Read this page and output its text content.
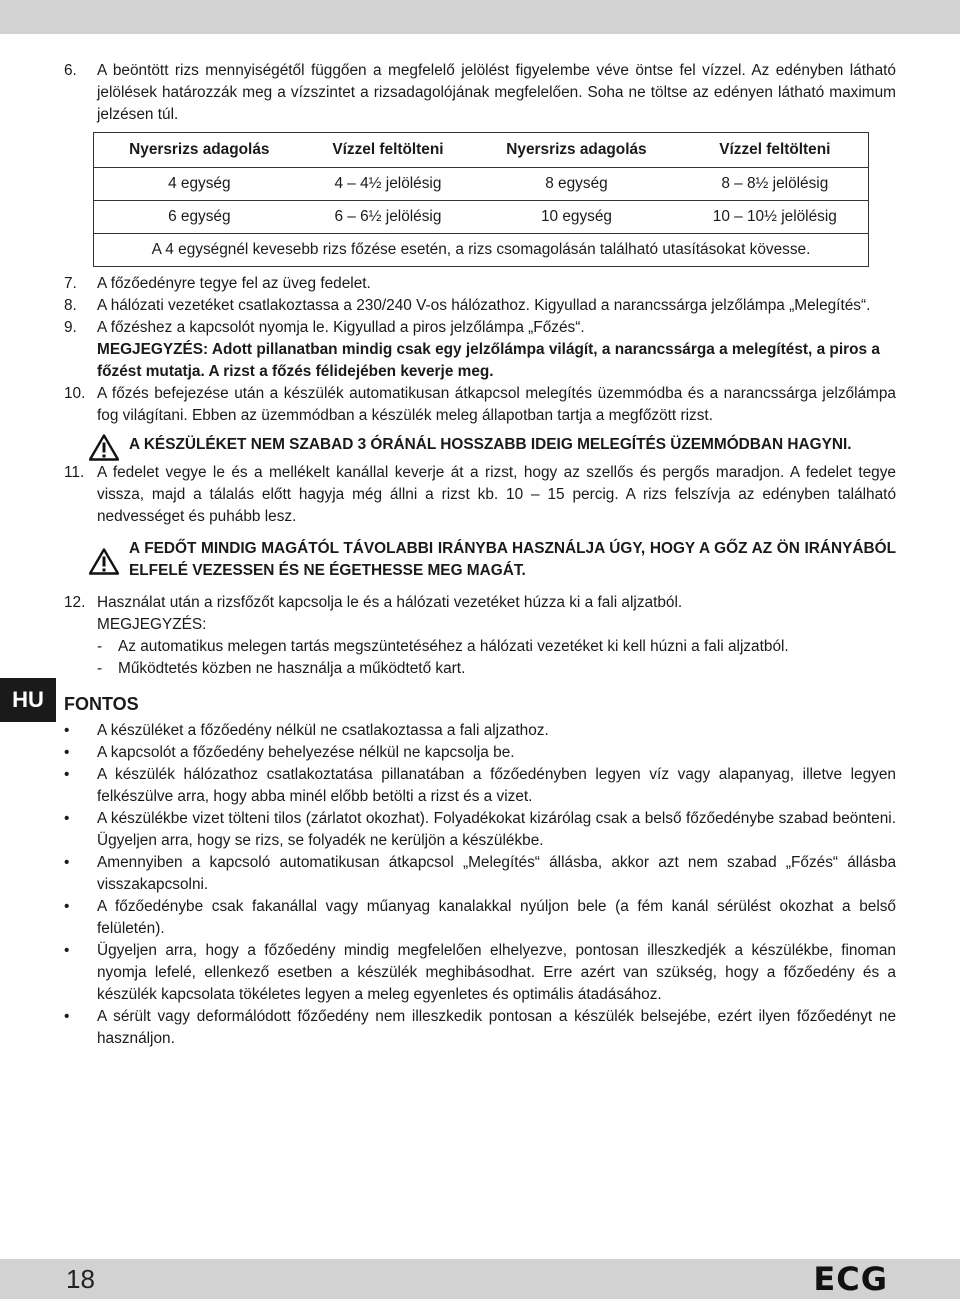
HU

6. A beöntött rizs mennyiségétől függően a megfelelő jelölést figyelembe véve öntse fel vízzel. Az edényben látható jelölések határozzák meg a vízszintet a rizsadagolójának megfelelően. Soha ne töltse az edényen látható maximum jelzésen túl.

Nyersrizs adagolás	Vízzel feltölteni	Nyersrizs adagolás	Vízzel feltölteni
4 egység	4 – 4½ jelölésig	8 egység	8 – 8½ jelölésig
6 egység	6 – 6½ jelölésig	10 egység	10 – 10½ jelölésig
A 4 egységnél kevesebb rizs főzése esetén, a rizs csomagolásán található utasításokat kövesse.			

7. A főzőedényre tegye fel az üveg fedelet.

8. A hálózati vezetéket csatlakoztassa a 230/240 V-os hálózathoz. Kigyullad a narancssárga jelzőlámpa „Melegítés“.

9. A főzéshez a kapcsolót nyomja le. Kigyullad a piros jelzőlámpa „Főzés“.
MEGJEGYZÉS: Adott pillanatban mindig csak egy jelzőlámpa világít, a narancssárga a melegítést, a piros a főzést mutatja. A rizst a főzés félidejében keverje meg.

10. A főzés befejezése után a készülék automatikusan átkapcsol melegítés üzemmódba és a narancssárga jelzőlámpa fog világítani. Ebben az üzemmódban a készülék meleg állapotban tartja a megfőzött rizst.

A KÉSZÜLÉKET NEM SZABAD 3 ÓRÁNÁL HOSSZABB IDEIG MELEGÍTÉS ÜZEMMÓDBAN HAGYNI.

11. A fedelet vegye le és a mellékelt kanállal keverje át a rizst, hogy az szellős és pergős maradjon. A fedelet tegye vissza, majd a tálalás előtt hagyja még állni a rizst kb. 10 – 15 percig. A rizs felszívja az edényben található nedvességet és puhább lesz.

A FEDŐT MINDIG MAGÁTÓL TÁVOLABBI IRÁNYBA HASZNÁLJA ÚGY, HOGY A GŐZ AZ ÖN IRÁNYÁBÓL ELFELÉ VEZESSEN ÉS NE ÉGETHESSE MEG MAGÁT.

12. Használat után a rizsfőzőt kapcsolja le és a hálózati vezetéket húzza ki a fali aljzatból.
MEGJEGYZÉS:

- Az automatikus melegen tartás megszüntetéséhez a hálózati vezetéket ki kell húzni a fali aljzatból.
- Működtetés közben ne használja a működtető kart.
FONTOS

• A készüléket a főzőedény nélkül ne csatlakoztassa a fali aljzathoz.

• A kapcsolót a főzőedény behelyezése nélkül ne kapcsolja be.

• A készülék hálózathoz csatlakoztatása pillanatában a főzőedényben legyen víz vagy alapanyag, illetve legyen felkészülve arra, hogy abba minél előbb betölti a rizst és a vizet.

• A készülékbe vizet tölteni tilos (zárlatot okozhat). Folyadékokat kizárólag csak a belső főzőedénybe szabad beönteni. Ügyeljen arra, hogy se rizs, se folyadék ne kerüljön a készülékbe.

• Amennyiben a kapcsoló automatikusan átkapcsol „Melegítés“ állásba, akkor azt nem szabad „Főzés“ állásba visszakapcsolni.

• A főzőedénybe csak fakanállal vagy műanyag kanalakkal nyúljon bele (a fém kanál sérülést okozhat a belső felületén).

• Ügyeljen arra, hogy a főzőedény mindig megfelelően elhelyezve, pontosan illeszkedjék a készülékbe, finoman nyomja lefelé, ellenkező esetben a készülék meghibásodhat. Erre azért van szükség, hogy a főzőedény és a készülék kapcsolata tökéletes legyen a meleg egyenletes és optimális átadásához.

• A sérült vagy deformálódott főzőedény nem illeszkedik pontosan a készülék belsejébe, ezért ilyen főzőedényt ne használjon.

18	ECG
